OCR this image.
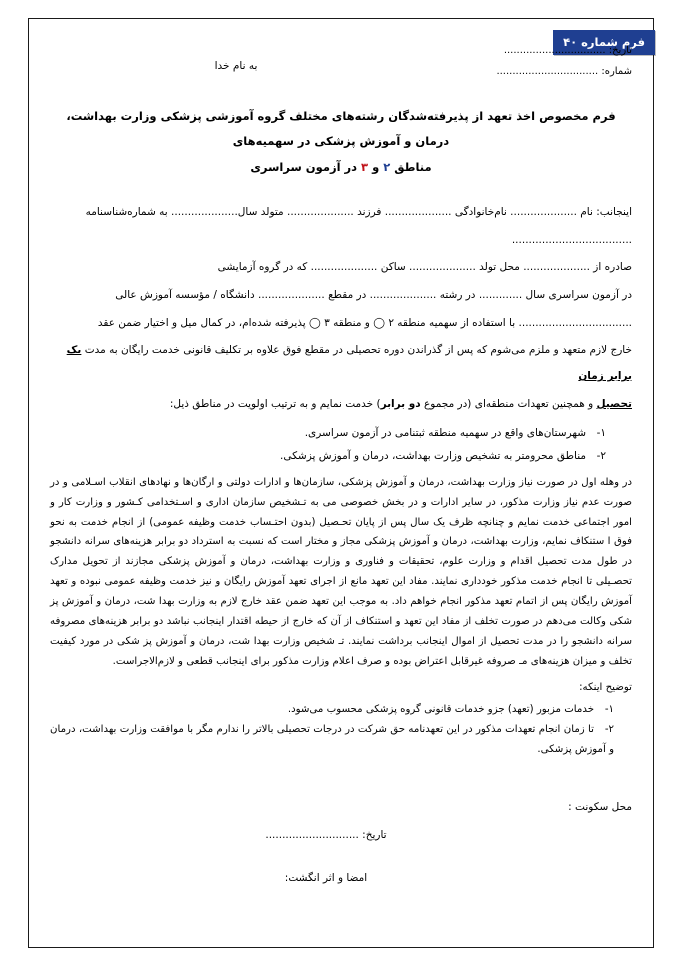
فرم شماره ۴۰
تاریخ: ................................
شماره: ................................
به نام خدا
فرم مخصوص اخذ تعهد از پذیرفته‌شدگان رشته‌های مختلف گروه آموزشی پزشکی وزارت بهداشت، درمان و آموزش پزشکی در سهمیه‌های
مناطق ۲ و ۳ در آزمون سراسری

اینجانب: نام .................... نام‌خانوادگی .................... فرزند .................... متولد سال.................... به شماره‌شناسنامه

....................................

صادره از .................... محل تولد .................... ساکن .................... که در گروه آزمایشی

در آزمون سراسری سال ............. در رشته .................... در مقطع .................... دانشگاه / مؤسسه آموزش عالی

.................................. با استفاده از سهمیه منطقه ۲ ◯ و منطقه ۳ ◯ پذیرفته شده‌ام، در کمال میل و اختیار ضمن عقد

خارج لازم متعهد و ملزم می‌شوم که پس از گذراندن دوره تحصیلی در مقطع فوق علاوه بر تکلیف قانونی خدمت رایگان به مدت یک برابر زمان

تحصیل و همچنین تعهدات منطقه‌ای (در مجموع دو برابر) خدمت نمایم و به ترتیب اولویت در مناطق ذیل:

۱-شهرستان‌های واقع در سهمیه منطقه ثبتنامی در آزمون سراسری.
۲-مناطق محرومتر به تشخیص وزارت بهداشت، درمان و آموزش پزشکی.
در وهله اول در صورت نیاز وزارت بهداشت، درمان و آموزش پزشکی، سازمان‌ها و ادارات دولتی و ارگان‌ها و نهادهای انقلاب اسـلامی و در صورت عدم نیاز وزارت مذکور، در سایر ادارات و در بخش خصوصی می به تـشخیص سازمان اداری و اسـتخدامی کـشور و وزارت کار و امور اجتماعی خدمت نمایم و چنانچه ظرف یک سال پس از پایان تحـصیل (بدون احتـساب خدمت وظیفه عمومی) از انجام خدمت به نحو فوق ا ستنکاف نمایم، وزارت بهداشت، درمان و آموزش پزشکی مجاز و مختار است که نسبت به استرداد دو برابر هزینه‌های سرانه دانشجو در طول مدت تحصیل اقدام و وزارت علوم، تحقیقات و فناوری و وزارت بهداشت، درمان و آموزش پزشکی مجازند از تحویل مدارک تحصـیلی تا انجام خدمت مذکور خودداری نمایند. مفاد این تعهد مانع از اجرای تعهد آموزش رایگان و نیز خدمت وظیفه عمومی نبوده و تعهد آموزش رایگان پس از اتمام تعهد مذکور انجام خواهم داد. به موجب این تعهد ضمن عقد خارج لازم به وزارت بهدا شت، درمان و آموزش پز شکی وکالت می‌دهم در صورت تخلف از مفاد این تعهد و استنکاف از آن که خارج از حیطه اقتدار اینجانب نباشد دو برابر هزینه‌های مصروفه سرانه دانشجو را در مدت تحصیل از اموال اینجانب برداشت نمایند. تـ شخیص وزارت بهدا شت، درمان و آموزش پز شکی در مورد کیفیت تخلف و میزان هزینه‌های مـ صروفه غیرقابل اعتراض بوده و صرف اعلام وزارت مذکور برای اینجانب قطعی و لازم‌الاجراست.
توضیح اینکه:
۱-خدمات مزبور (تعهد) جزو خدمات قانونی گروه پزشکی محسوب می‌شود.
۲-تا زمان انجام تعهدات مذکور در این تعهدنامه حق شرکت در درجات تحصیلی بالاتر را ندارم مگر با موافقت وزارت بهداشت، درمان و آموزش پزشکی.
محل سکونت :
تاریخ: ............................
امضا و اثر انگشت:
